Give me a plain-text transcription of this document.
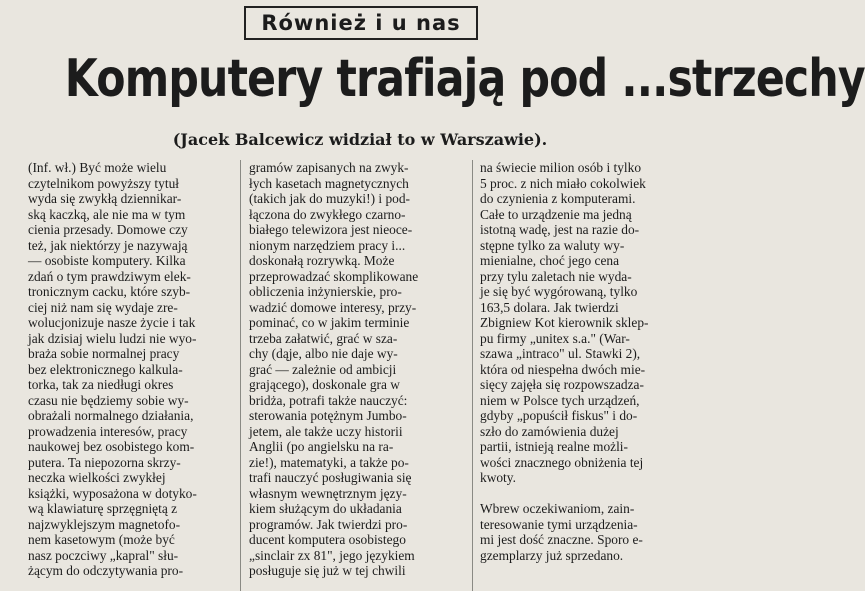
Również i u nas
Komputery trafiają pod ...strzechy
(Jacek Balcewicz widział to w Warszawie).
(Inf. wł.) Być może wielu
czytelnikom powyższy tytuł
wyda się zwykłą dziennikar-
ską kaczką, ale nie ma w tym
cienia przesady. Domowe czy
też, jak niektórzy je nazywają
— osobiste komputery. Kilka
zdań o tym prawdziwym elek-
tronicznym cacku, które szyb-
ciej niż nam się wydaje zre-
wolucjonizuje nasze życie i tak
jak dzisiaj wielu ludzi nie wyo-
braża sobie normalnej pracy
bez elektronicznego kalkula-
torka, tak za niedługi okres
czasu nie będziemy sobie wy-
obrażali normalnego działania,
prowadzenia interesów, pracy
naukowej bez osobistego kom-
putera. Ta niepozorna skrzy-
neczka wielkości zwykłej
książki, wyposażona w dotyko-
wą klawiaturę sprzęgniętą z
najzwyklejszym magnetofo-
nem kasetowym (może być
nasz poczciwy „kapral" słu-
żącym do odczytywania pro-
gramów zapisanych na zwyk-
łych kasetach magnetycznych
(takich jak do muzyki!) i pod-
łączona do zwykłego czarno-
białego telewizora jest nieoce-
nionym narzędziem pracy i...
doskonałą rozrywką. Może
przeprowadzać skomplikowane
obliczenia inżynierskie, pro-
wadzić domowe interesy, przy-
pominać, co w jakim terminie
trzeba załatwić, grać w sza-
chy (dąje, albo nie daje wy-
grać — zależnie od ambicji
grającego), doskonale gra w
bridża, potrafi także nauczyć:
sterowania potężnym Jumbo-
jetem, ale także uczy historii
Anglii (po angielsku na ra-
zie!), matematyki, a także po-
trafi nauczyć posługiwania się
własnym wewnętrznym języ-
kiem służącym do układania
programów. Jak twierdzi pro-
ducent komputera osobistego
„sinclair zx 81", jego językiem
posługuje się już w tej chwili
na świecie milion osób i tylko
5 proc. z nich miało cokolwiek
do czynienia z komputerami.
Całe to urządzenie ma jedną
istotną wadę, jest na razie do-
stępne tylko za waluty wy-
mienialne, choć jego cena
przy tylu zaletach nie wyda-
je się być wygórowaną, tylko
163,5 dolara. Jak twierdzi
Zbigniew Kot kierownik sklep-
pu firmy „unitex s.a." (War-
szawa „intraco" ul. Stawki 2),
która od niespełna dwóch mie-
sięcy zajęła się rozpowszadza-
niem w Polsce tych urządzeń,
gdyby „popuścił fiskus" i do-
szło do zamówienia dużej
partii, istnieją realne możli-
wości znacznego obniżenia tej
kwoty.

Wbrew oczekiwaniom, zain-
teresowanie tymi urządzenia-
mi jest dość znaczne. Sporo e-
gzemplarzy już sprzedano.
